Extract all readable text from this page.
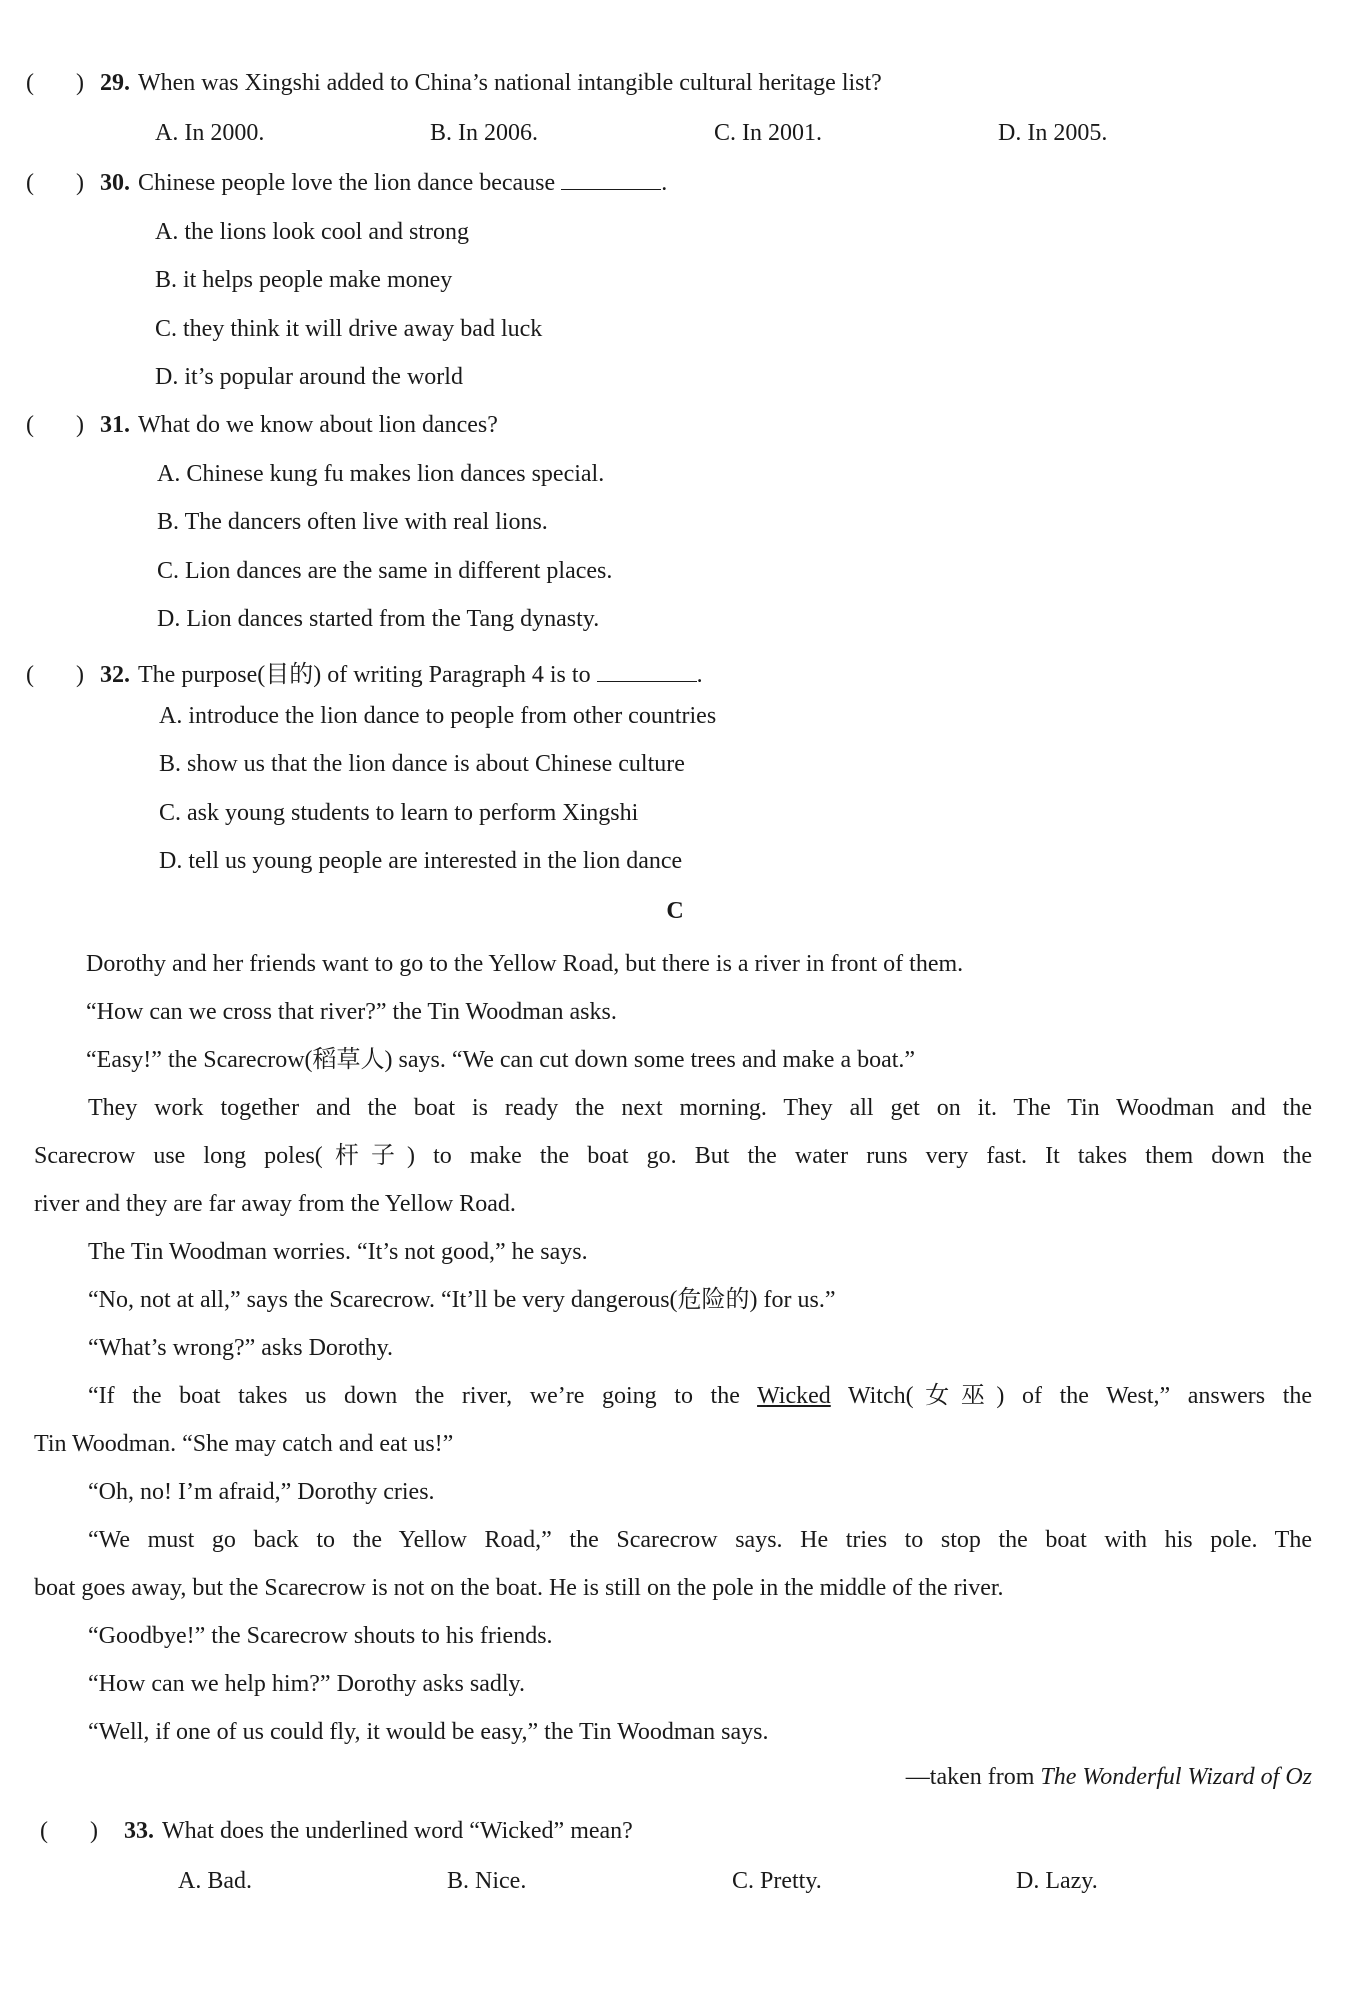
( ) 29. When was Xingshi added to China’s national intangible cultural heritage list?
A. In 2000.	B. In 2006.	C. In 2001.	D. In 2005.
( ) 30. Chinese people love the lion dance because	.
A. the lions look cool and strong
B. it helps people make money
C. they think it will drive away bad luck
D. it’s popular around the world
( ) 31. What do we know about lion dances?
A. Chinese kung fu makes lion dances special.
B. The dancers often live with real lions.
C. Lion dances are the same in different places.
D. Lion dances started from the Tang dynasty.
( ) 32. The purpose(目的) of writing Paragraph 4 is to	.
A. introduce the lion dance to people from other countries
B. show us that the lion dance is about Chinese culture
C. ask young students to learn to perform Xingshi
D. tell us young people are interested in the lion dance
C
Dorothy and her friends want to go to the Yellow Road, but there is a river in front of them.
“How can we cross that river?” the Tin Woodman asks.
“Easy!” the Scarecrow(稻草人) says. “We can cut down some trees and make a boat.”
They work together and the boat is ready the next morning. They all get on it. The Tin Woodman and the
Scarecrow use long poles(杆子) to make the boat go. But the water runs very fast. It takes them down the
river and they are far away from the Yellow Road.
The Tin Woodman worries. “It’s not good,” he says.
“No, not at all,” says the Scarecrow. “It’ll be very dangerous(危险的) for us.”
“What’s wrong?” asks Dorothy.
“If the boat takes us down the river, we’re going to the Wicked Witch(女巫) of the West,” answers the
Tin Woodman. “She may catch and eat us!”
“Oh, no! I’m afraid,” Dorothy cries.
“We must go back to the Yellow Road,” the Scarecrow says. He tries to stop the boat with his pole. The
boat goes away, but the Scarecrow is not on the boat. He is still on the pole in the middle of the river.
“Goodbye!” the Scarecrow shouts to his friends.
“How can we help him?” Dorothy asks sadly.
“Well, if one of us could fly, it would be easy,” the Tin Woodman says.
—taken from The Wonderful Wizard of Oz
( )	33. What does the underlined word “Wicked” mean?
A. Bad.	B. Nice.	C. Pretty.	D. Lazy.
